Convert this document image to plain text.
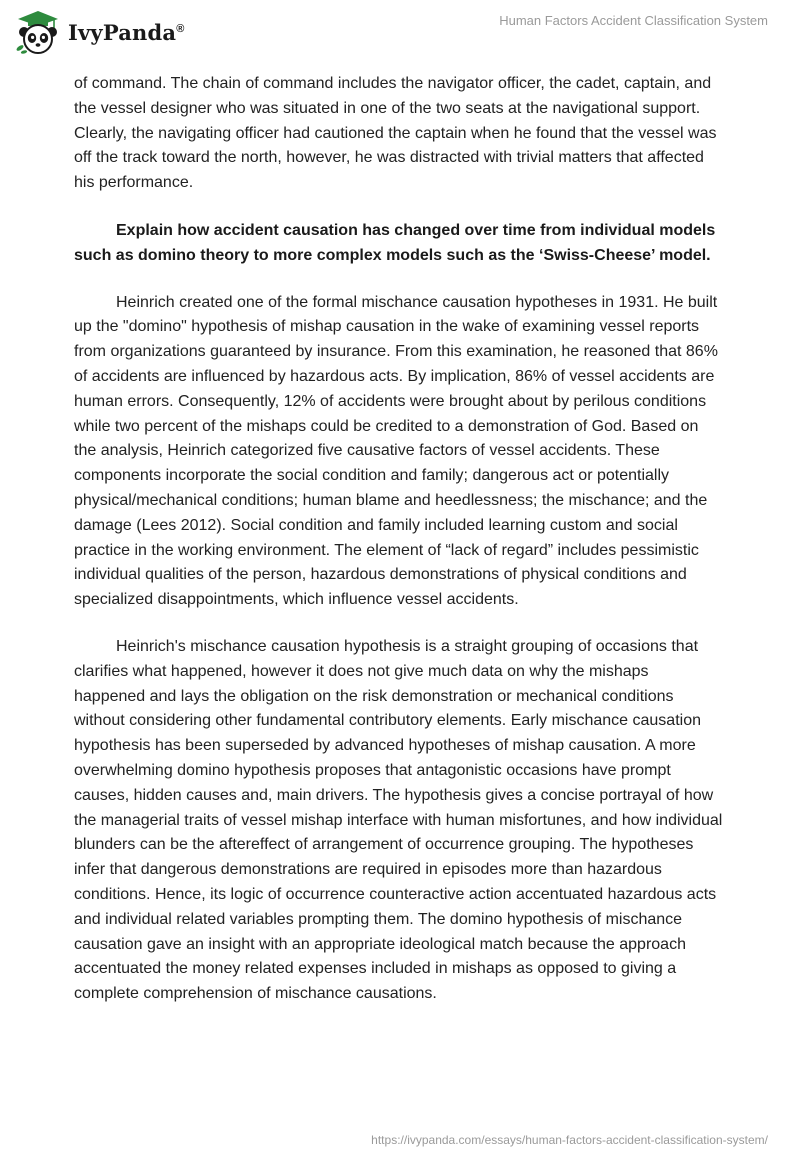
IvyPanda®
Human Factors Accident Classification System

of command. The chain of command includes the navigator officer, the cadet, captain, and the vessel designer who was situated in one of the two seats at the navigational support. Clearly, the navigating officer had cautioned the captain when he found that the vessel was off the track toward the north, however, he was distracted with trivial matters that affected his performance.

Explain how accident causation has changed over time from individual models such as domino theory to more complex models such as the ‘Swiss-Cheese’ model.

Heinrich created one of the formal mischance causation hypotheses in 1931. He built up the "domino" hypothesis of mishap causation in the wake of examining vessel reports from organizations guaranteed by insurance. From this examination, he reasoned that 86% of accidents are influenced by hazardous acts. By implication, 86% of vessel accidents are human errors. Consequently, 12% of accidents were brought about by perilous conditions while two percent of the mishaps could be credited to a demonstration of God. Based on the analysis, Heinrich categorized five causative factors of vessel accidents. These components incorporate the social condition and family; dangerous act or potentially physical/mechanical conditions; human blame and heedlessness; the mischance; and the damage (Lees 2012). Social condition and family included learning custom and social practice in the working environment. The element of “lack of regard” includes pessimistic individual qualities of the person, hazardous demonstrations of physical conditions and specialized disappointments, which influence vessel accidents.

Heinrich's mischance causation hypothesis is a straight grouping of occasions that clarifies what happened, however it does not give much data on why the mishaps happened and lays the obligation on the risk demonstration or mechanical conditions without considering other fundamental contributory elements. Early mischance causation hypothesis has been superseded by advanced hypotheses of mishap causation. A more overwhelming domino hypothesis proposes that antagonistic occasions have prompt causes, hidden causes and, main drivers. The hypothesis gives a concise portrayal of how the managerial traits of vessel mishap interface with human misfortunes, and how individual blunders can be the aftereffect of arrangement of occurrence grouping. The hypotheses infer that dangerous demonstrations are required in episodes more than hazardous conditions. Hence, its logic of occurrence counteractive action accentuated hazardous acts and individual related variables prompting them. The domino hypothesis of mischance causation gave an insight with an appropriate ideological match because the approach accentuated the money related expenses included in mishaps as opposed to giving a complete comprehension of mischance causations.

https://ivypanda.com/essays/human-factors-accident-classification-system/
